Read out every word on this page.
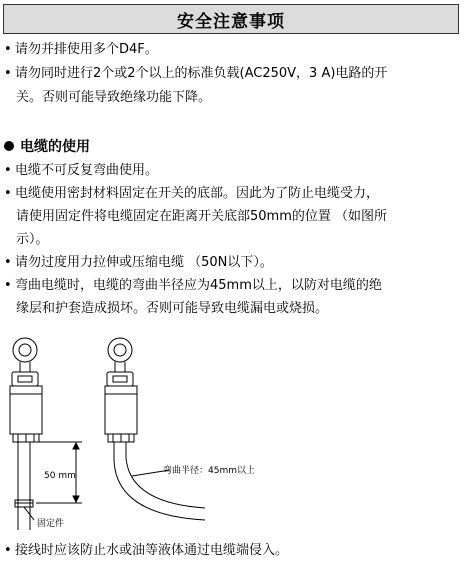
安全注意事项
• 请勿并排使用多个D4F。
• 请勿同时进行2个或2个以上的标准负载(AC250V，3 A)电路的开
关。否则可能导致绝缘功能下降。
电缆的使用
• 电缆不可反复弯曲使用。
• 电缆使用密封材料固定在开关的底部。因此为了防止电缆受力，
请使用固定件将电缆固定在距离开关底部50mm的位置 （如图所
示）。
• 请勿过度用力拉伸或压缩电缆 （50N以下）。
• 弯曲电缆时，电缆的弯曲半径应为45mm以上，以防对电缆的绝
缘层和护套造成损坏。否则可能导致电缆漏电或烧损。
50 mm
固定件
弯曲半径：45mm以上
• 接线时应该防止水或油等液体通过电缆端侵入。
